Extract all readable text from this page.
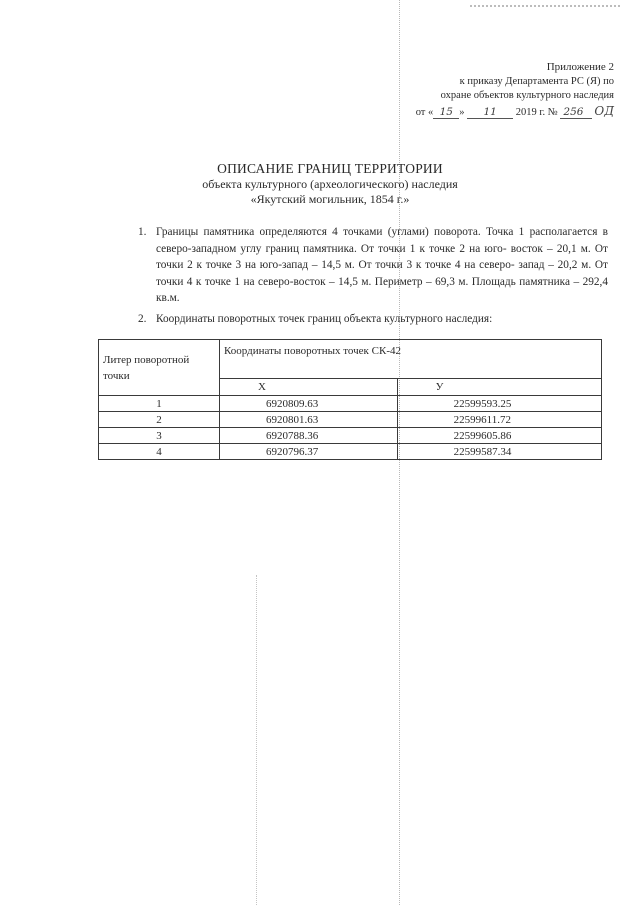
Приложение 2
к приказу Департамента РС (Я) по
охране объектов культурного наследия
от « 15 » 11 2019 г. № 256 ОД
ОПИСАНИЕ ГРАНИЦ ТЕРРИТОРИИ
объекта культурного (археологического) наследия
«Якутский могильник, 1854 г.»
1. Границы памятника определяются 4 точками (углами) поворота. Точка 1 располагается в северо-западном углу границ памятника. От точки 1 к точке 2 на юго- восток – 20,1 м. От точки 2 к точке 3 на юго-запад – 14,5 м. От точки 3 к точке 4 на северо- запад – 20,2 м. От точки 4 к точке 1 на северо-восток – 14,5 м. Периметр – 69,3 м. Площадь памятника – 292,4 кв.м.
2. Координаты поворотных точек границ объекта культурного наследия:
Литер поворотной точки	Координаты поворотных точек СК-42	
	X	У
1	6920809.63	22599593.25
2	6920801.63	22599611.72
3	6920788.36	22599605.86
4	6920796.37	22599587.34
